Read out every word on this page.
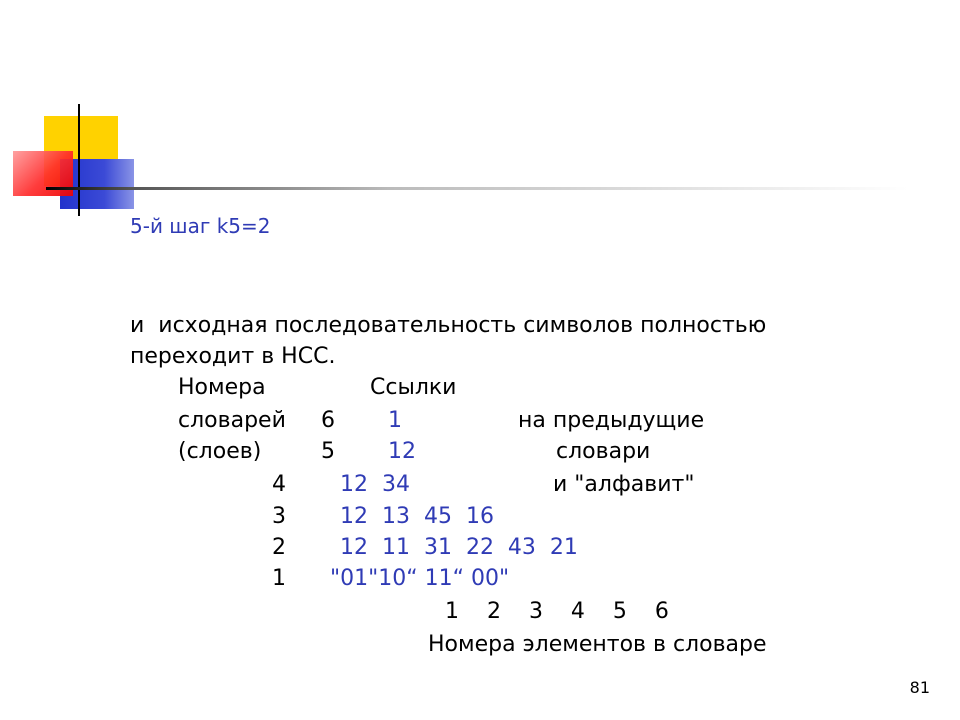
5-й шаг k5=2
и  исходная последовательность символов полностью
переходит в НСС.
Номера	Ссылки
словарей 6 1	на предыдущие
(слоев)	5 12	словари
4 12  34	и "алфавит"
3 12  13  45  16
2 12  11  31  22  43  21
1 "01"10“ 11“ 00"
1    2    3    4    5    6
Номера элементов в словаре
81
